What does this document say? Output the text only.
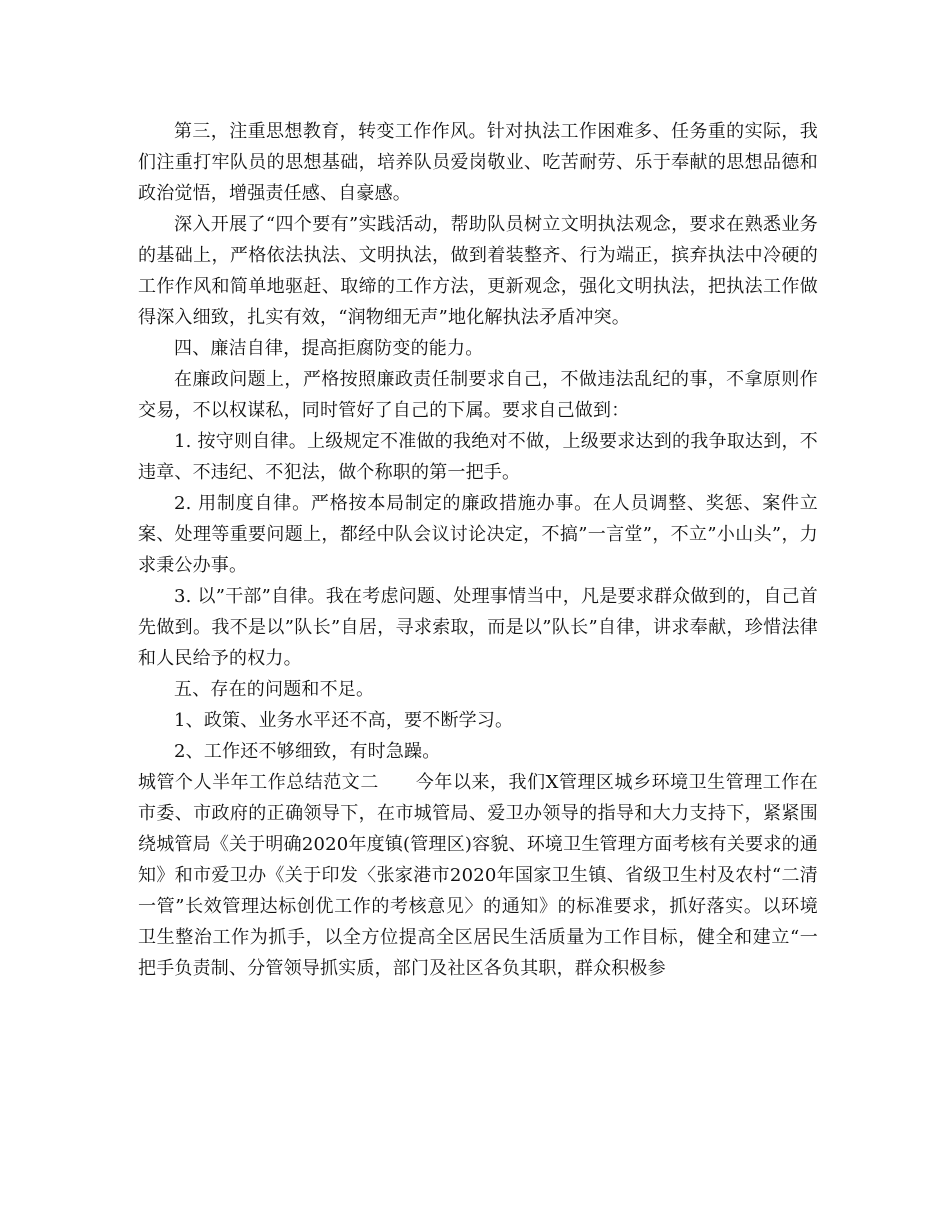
第三，注重思想教育，转变工作作风。针对执法工作困难多、任务重的实际，我们注重打牢队员的思想基础，培养队员爱岗敬业、吃苦耐劳、乐于奉献的思想品德和政治觉悟，增强责任感、自豪感。

深入开展了“四个要有”实践活动，帮助队员树立文明执法观念，要求在熟悉业务的基础上，严格依法执法、文明执法，做到着装整齐、行为端正，摈弃执法中冷硬的工作作风和简单地驱赶、取缔的工作方法，更新观念，强化文明执法，把执法工作做得深入细致，扎实有效，“润物细无声”地化解执法矛盾冲突。

四、廉洁自律，提高拒腐防变的能力。

在廉政问题上，严格按照廉政责任制要求自己，不做违法乱纪的事，不拿原则作交易，不以权谋私，同时管好了自己的下属。要求自己做到：

1. 按守则自律。上级规定不准做的我绝对不做，上级要求达到的我争取达到，不违章、不违纪、不犯法，做个称职的第一把手。

2. 用制度自律。严格按本局制定的廉政措施办事。在人员调整、奖惩、案件立案、处理等重要问题上，都经中队会议讨论决定，不搞”一言堂”，不立”小山头”，力求秉公办事。

3. 以”干部”自律。我在考虑问题、处理事情当中，凡是要求群众做到的，自己首先做到。我不是以”队长”自居，寻求索取，而是以”队长”自律，讲求奉献，珍惜法律和人民给予的权力。

五、存在的问题和不足。

1、政策、业务水平还不高，要不断学习。

2、工作还不够细致，有时急躁。

城管个人半年工作总结范文二　　今年以来，我们X管理区城乡环境卫生管理工作在市委、市政府的正确领导下，在市城管局、爱卫办领导的指导和大力支持下，紧紧围绕城管局《关于明确2020年度镇(管理区)容貌、环境卫生管理方面考核有关要求的通知》和市爱卫办《关于印发〈张家港市2020年国家卫生镇、省级卫生村及农村“二清一管”长效管理达标创优工作的考核意见〉的通知》的标准要求，抓好落实。以环境卫生整治工作为抓手，以全方位提高全区居民生活质量为工作目标，健全和建立“一把手负责制、分管领导抓实质，部门及社区各负其职，群众积极参
